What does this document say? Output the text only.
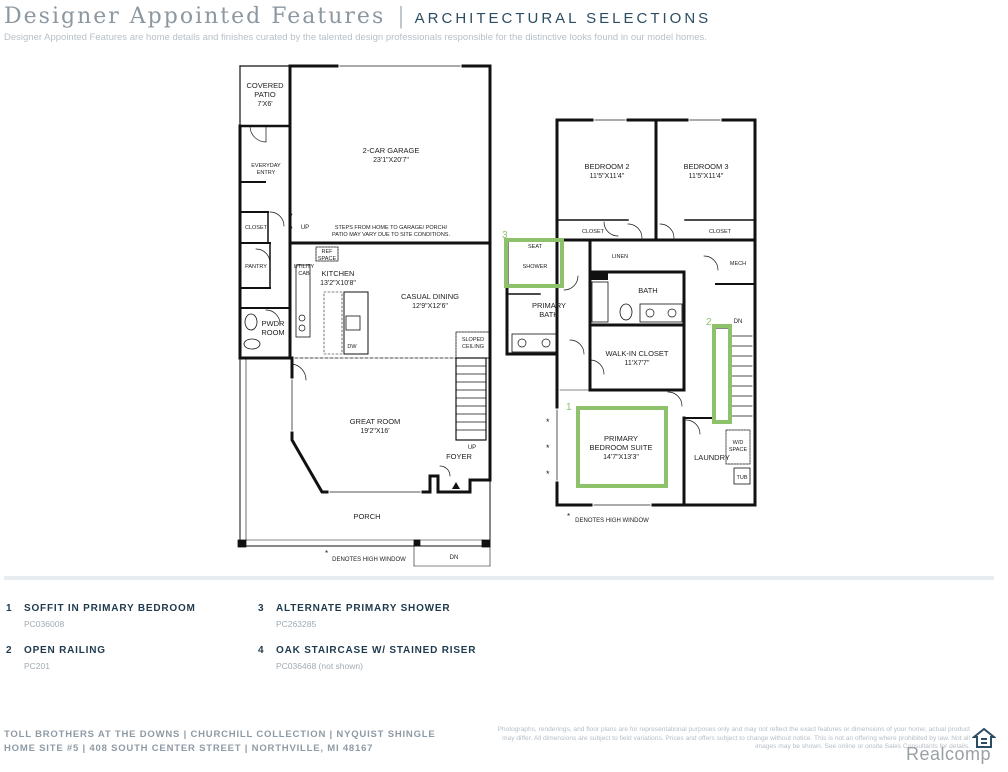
Designer Appointed Features | ARCHITECTURAL SELECTIONS
Designer Appointed Features are home details and finishes curated by the talented design professionals responsible for the distinctive looks found in our model homes.
*
*
*
COVERED
PATIO
7'X6'
2-CAR GARAGE
23'1"X20'7"
EVERYDAY
ENTRY
CLOSET	UP	STEPS FROM HOME TO GARAGE/ PORCH/
PATIO MAY VARY DUE TO SITE CONDITIONS.
REF
SPACE
PANTRY	UTILITY
CAB KITCHEN
13'2"X10'8"
CASUAL DINING
12'9"X12'6"
PWDR
ROOM
DW
SLOPED
CEILING
GREAT ROOM
19'2"X16'
UP
FOYER
PORCH
DENOTES HIGH WINDOW	DN
*
BEDROOM 2
11'5"X11'4"
BEDROOM 3
11'5"X11'4"
CLOSET	CLOSET
SEAT
SHOWER
LINEN
MECH
BATH
PRIMARY
BATH
DN
WALK-IN CLOSET
11'X7'7"
PRIMARY
BEDROOM SUITE
14'7"X13'3"
W/D
SPACE
LAUNDRY
TUB
DENOTES HIGH WINDOW
*
1
2
3
1 SOFFIT IN PRIMARY BEDROOM
PC036008
2 OPEN RAILING
PC201
3 ALTERNATE PRIMARY SHOWER
PC263285
4 OAK STAIRCASE W/ STAINED RISER
PC036468 (not shown)
TOLL BROTHERS AT THE DOWNS | CHURCHILL COLLECTION | NYQUIST SHINGLE
HOME SITE #5 | 408 SOUTH CENTER STREET | NORTHVILLE, MI 48167
Photographs, renderings, and floor plans are for representational purposes only and may not reflect the exact features or dimensions of your home; actual product may differ. All dimensions are subject to field variations. Prices and offers subject to change without notice. This is not an offering where prohibited by law. Not all images may be shown. See online or onsite Sales Consultants for details.
Realcomp
